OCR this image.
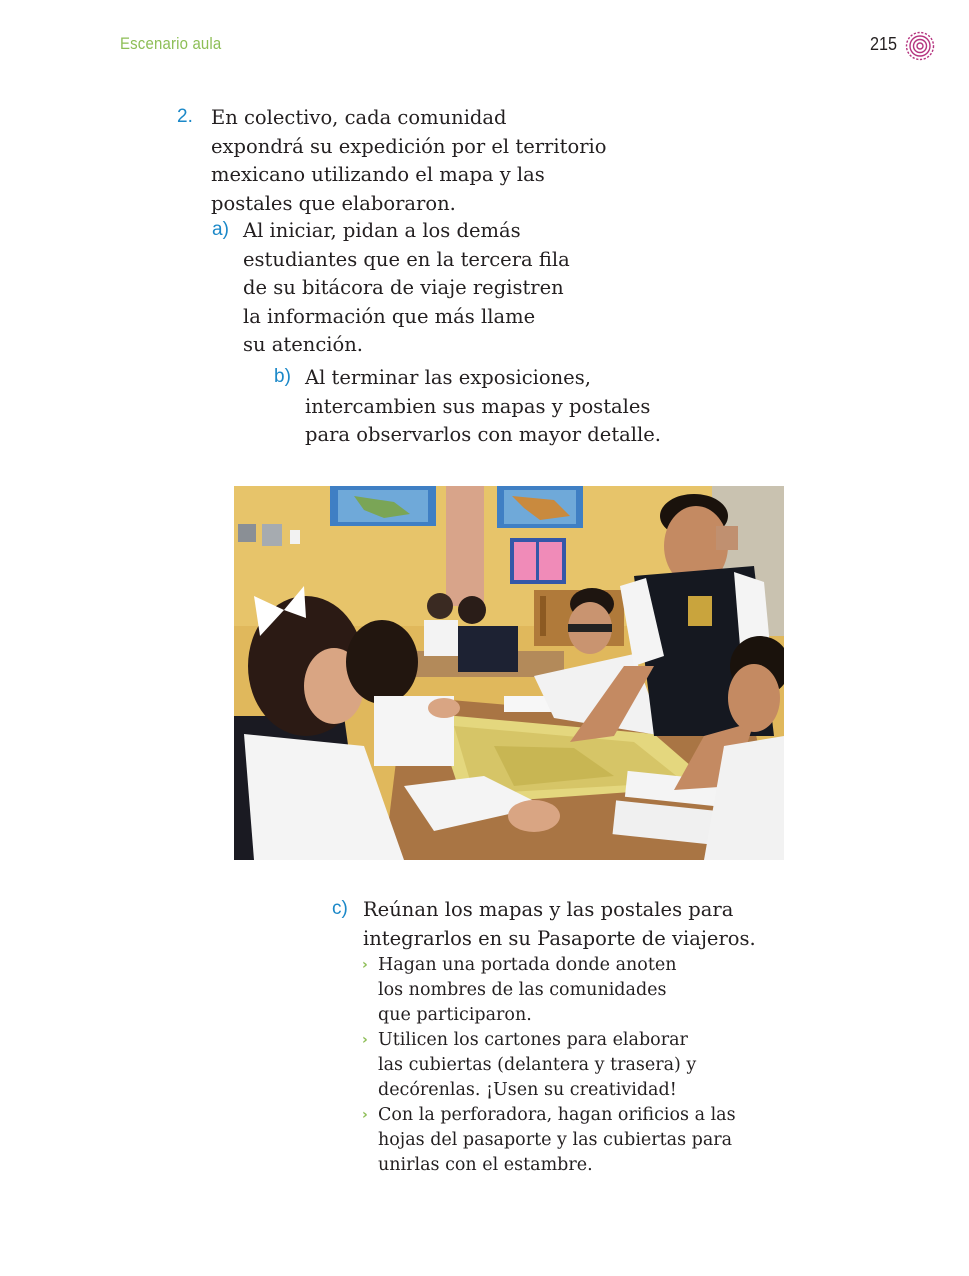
Escenario aula	215
2. En colectivo, cada comunidad
expondrá su expedición por el territorio
mexicano utilizando el mapa y las
postales que elaboraron.
a) Al iniciar, pidan a los demás
estudiantes que en la tercera fila
de su bitácora de viaje registren
la información que más llame
su atención.
b) Al terminar las exposiciones,
intercambien sus mapas y postales
para observarlos con mayor detalle.
c) Reúnan los mapas y las postales para
integrarlos en su Pasaporte de viajeros.
› Hagan una portada donde anoten
los nombres de las comunidades
que participaron.
› Utilicen los cartones para elaborar
las cubiertas (delantera y trasera) y
decórenlas. ¡Usen su creatividad!
› Con la perforadora, hagan orificios a las
hojas del pasaporte y las cubiertas para
unirlas con el estambre.
